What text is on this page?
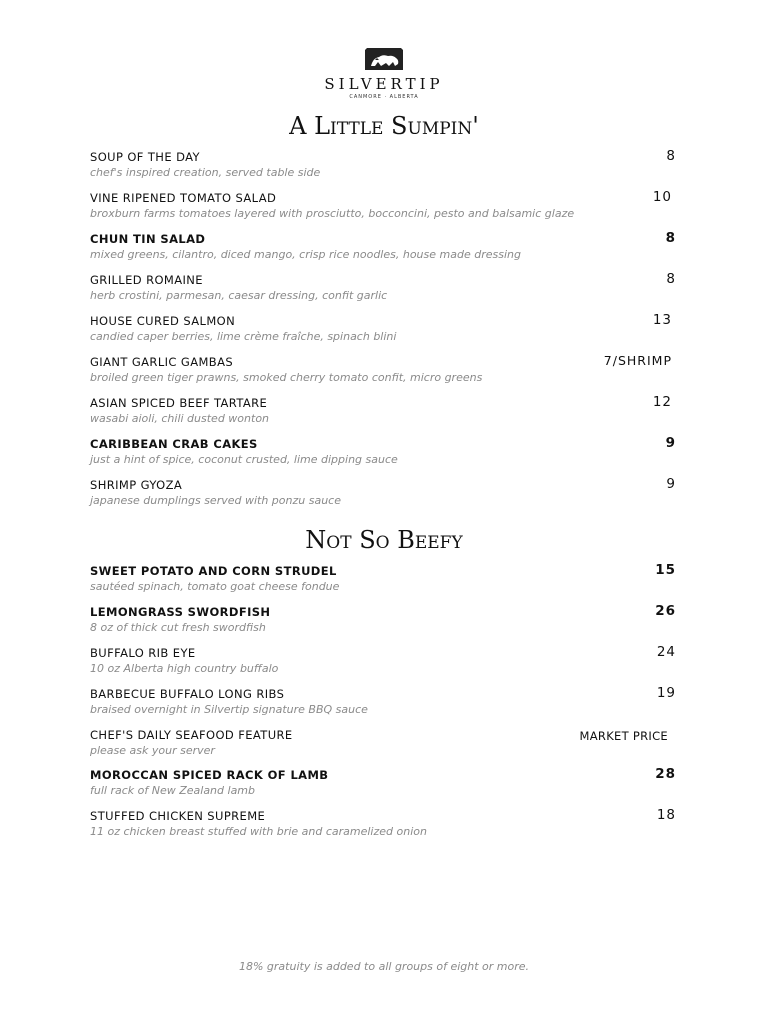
SILVERTIP
CANMORE · ALBERTA
A Little Sumpin'
SOUP OF THE DAY
chef's inspired creation, served table side
8
VINE RIPENED TOMATO SALAD
broxburn farms tomatoes layered with prosciutto, bocconcini, pesto and balsamic glaze
10
CHUN TIN SALAD
mixed greens, cilantro, diced mango, crisp rice noodles, house made dressing
8
GRILLED ROMAINE
herb crostini, parmesan, caesar dressing, confit garlic
8
HOUSE CURED SALMON
candied caper berries, lime crème fraîche, spinach blini
13
GIANT GARLIC GAMBAS
broiled green tiger prawns, smoked cherry tomato confit, micro greens
7/SHRIMP
ASIAN SPICED BEEF TARTARE
wasabi aioli, chili dusted wonton
12
CARIBBEAN CRAB CAKES
just a hint of spice, coconut crusted, lime dipping sauce
9
SHRIMP GYOZA
japanese dumplings served with ponzu sauce
9
Not So Beefy
SWEET POTATO AND CORN STRUDEL
sautéed spinach, tomato goat cheese fondue
15
LEMONGRASS SWORDFISH
8 oz of thick cut fresh swordfish
26
BUFFALO RIB EYE
10 oz Alberta high country buffalo
24
BARBECUE BUFFALO LONG RIBS
braised overnight in Silvertip signature BBQ sauce
19
CHEF'S DAILY SEAFOOD FEATURE
please ask your server
MARKET PRICE
MOROCCAN SPICED RACK OF LAMB
full rack of New Zealand lamb
28
STUFFED CHICKEN SUPREME
11 oz chicken breast stuffed with brie and caramelized onion
18
18% gratuity is added to all groups of eight or more.
